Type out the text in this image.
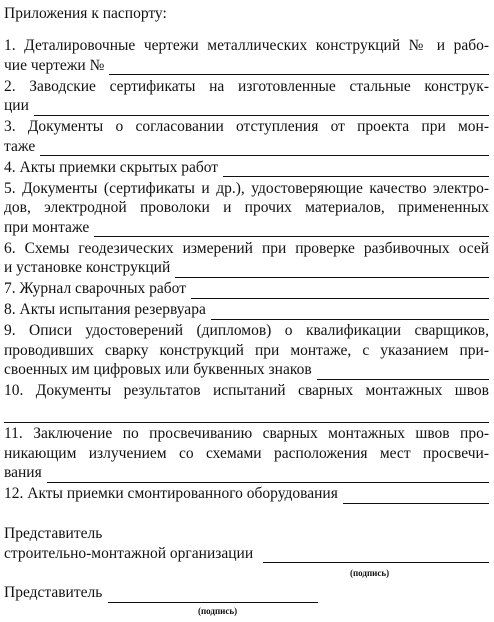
Приложения к паспорту:
1. Деталировочные чертежи металлических конструкций № и рабо-
чие чертежи №
2. Заводские сертификаты на изготовленные стальные конструк-
ции
3. Документы о согласовании отступления от проекта при мон-
таже
4. Акты приемки скрытых работ
5. Документы (сертификаты и др.), удостоверяющие качество электро-
дов, электродной проволоки и прочих материалов, примененных
при монтаже
6. Схемы геодезических измерений при проверке разбивочных осей
и установке конструкций
7. Журнал сварочных работ
8. Акты испытания резервуара
9. Описи удостоверений (дипломов) о квалификации сварщиков,
проводивших сварку конструкций при монтаже, с указанием при-
своенных им цифровых или буквенных знаков
10. Документы результатов испытаний сварных монтажных швов
11. Заключение по просвечиванию сварных монтажных швов про-
никающим излучением со схемами расположения мест просвечи-
вания
12. Акты приемки смонтированного оборудования
Представитель
строительно-монтажной организации
(подпись)
Представитель
(подпись)
